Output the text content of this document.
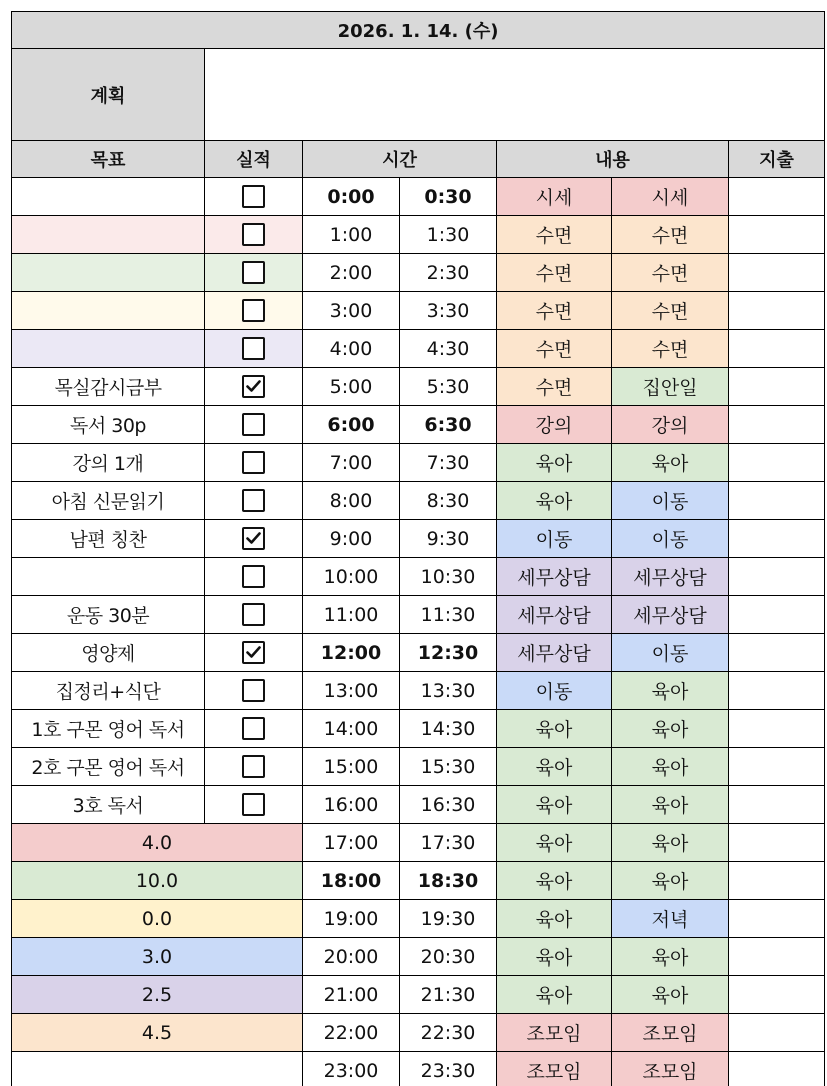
2026. 1. 14. (수)						
계획						
목표	실적	시간		내용		지출
		0:00	0:30	시세	시세	
		1:00	1:30	수면	수면	
		2:00	2:30	수면	수면	
		3:00	3:30	수면	수면	
		4:00	4:30	수면	수면	
목실감시금부		5:00	5:30	수면	집안일	
독서 30p		6:00	6:30	강의	강의	
강의 1개		7:00	7:30	육아	육아	
아침 신문읽기		8:00	8:30	육아	이동	
남편 칭찬		9:00	9:30	이동	이동	
		10:00	10:30	세무상담	세무상담	
운동 30분		11:00	11:30	세무상담	세무상담	
영양제		12:00	12:30	세무상담	이동	
집정리+식단		13:00	13:30	이동	육아	
1호 구몬 영어 독서		14:00	14:30	육아	육아	
2호 구몬 영어 독서		15:00	15:30	육아	육아	
3호 독서		16:00	16:30	육아	육아	
4.0		17:00	17:30	육아	육아	
10.0		18:00	18:30	육아	육아	
0.0		19:00	19:30	육아	저녁	
3.0		20:00	20:30	육아	육아	
2.5		21:00	21:30	육아	육아	
4.5		22:00	22:30	조모임	조모임	
		23:00	23:30	조모임	조모임	
